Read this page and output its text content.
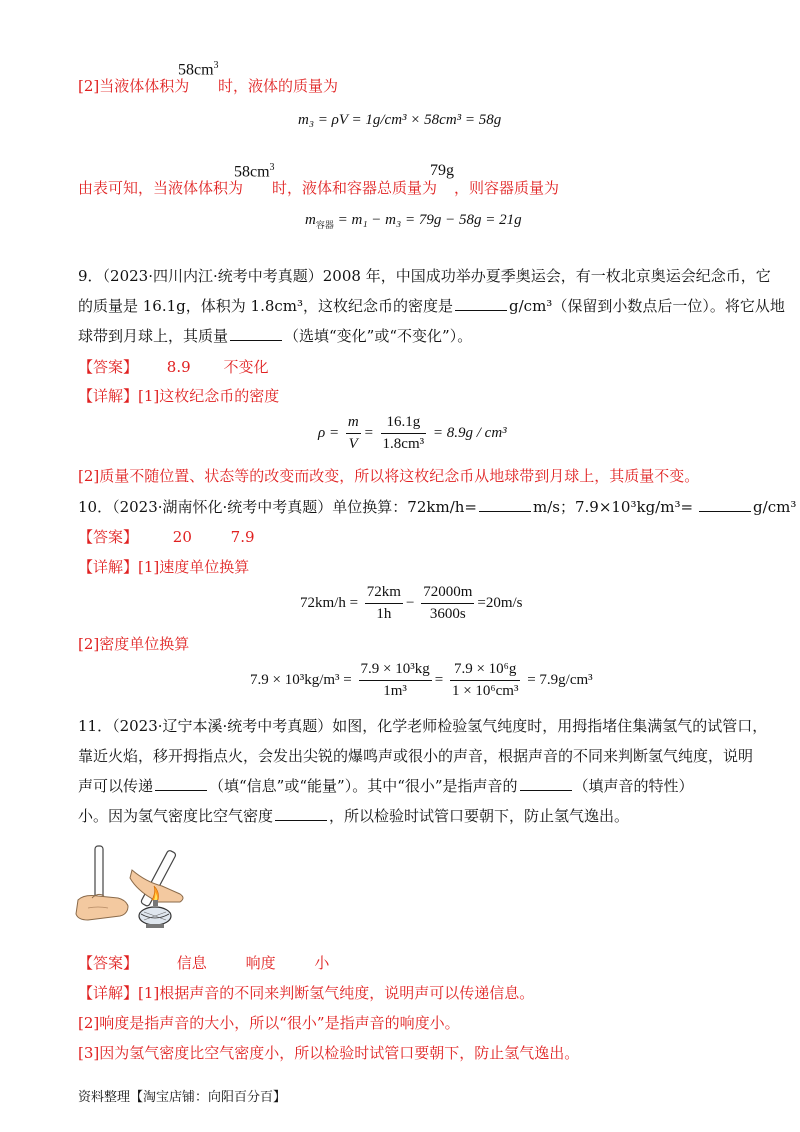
[2]当液体体积为
$58cm^3$
时，液体的质量为
m₃ = ρV = 1g/cm³ × 58cm³ = 58g
由表可知，当液体体积为
$58cm^3$
时，液体和容器总质量为
79g
，则容器质量为
$m_{容器} = m_1 - m_3 = 79g - 58g = 21g$
9．（2023·四川内江·统考中考真题）2008 年，中国成功举办夏季奥运会，有一枚北京奥运会纪念币，它
的质量是 16.1g，体积为 1.8cm³，这枚纪念币的密度是	g/cm³（保留到小数点后一位）。将它从地
球带到月球上，其质量	（选填“变化”或“不变化”）。
【答案】 8.9 不变化
【详解】[1]这枚纪念币的密度
$\rho = \frac{m}{V} = \frac{16.1g}{\text{1.8cm³}} = 8.9g / cm^3$
[2]质量不随位置、状态等的改变而改变，所以将这枚纪念币从地球带到月球上，其质量不变。
10．（2023·湖南怀化·统考中考真题）单位换算：72km/h=	m/s；7.9×10³kg/m³=	g/cm³
【答案】 20	7.9
【详解】[1]速度单位换算
$72km/h = \frac{72km}{1h} - \frac{72000m}{3600s} =20m/s$
[2]密度单位换算
$7.9 \times 10^3kg/m^3 = \frac{\text{7.9 × 10³kg}}{\text{1m³}} = \frac{\text{7.9 × 10⁶g}}{\text{1 × 10⁶cm³}} = 7.9g/cm^3$
11．（2023·辽宁本溪·统考中考真题）如图，化学老师检验氢气纯度时，用拇指堵住集满氢气的试管口，
靠近火焰，移开拇指点火，会发出尖锐的爆鸣声或很小的声音，根据声音的不同来判断氢气纯度，说明
声可以传递	（填“信息”或“能量”）。其中“很小”是指声音的	（填声音的特性）
小。因为氢气密度比空气密度	，所以检验时试管口要朝下，防止氢气逸出。
【答案】	信息	响度	小
【详解】[1]根据声音的不同来判断氢气纯度，说明声可以传递信息。
[2]响度是指声音的大小，所以“很小”是指声音的响度小。
[3]因为氢气密度比空气密度小，所以检验时试管口要朝下，防止氢气逸出。
资料整理【淘宝店铺：向阳百分百】
